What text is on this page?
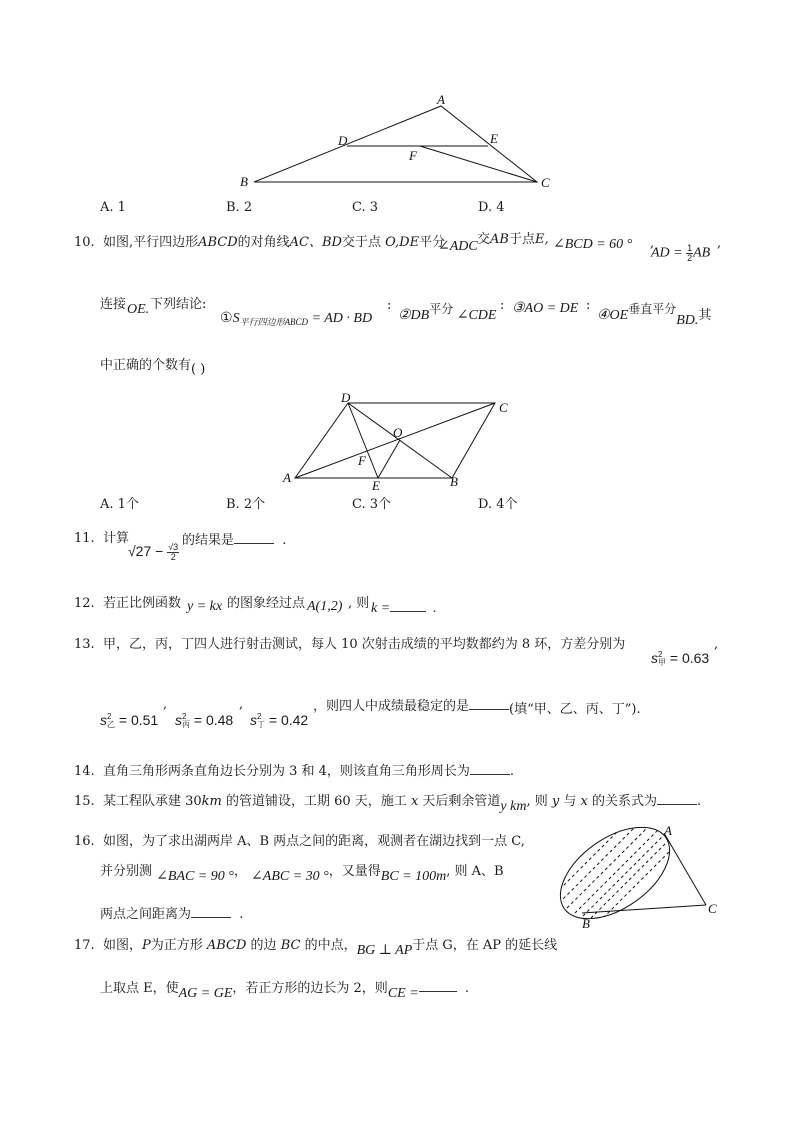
A
B	C
D	E
F
A. 1	B. 2	C. 3	D. 4
10. 如图,平行四边形ABCD的对角线AC、BD交于点 O,DE平分
∠ADC 交AB于点E, ∠BCD = 60 ° ,
AD = $\frac{1}{2}$ AB
,
连接 OE. 下列结论:
$①S_{平行四边形ABCD}$ = AD · BD
:
②DB平分 ∠CDE
: ③AO = DE :
④OE垂直平分BD.其
中正确的个数有( )
D
C
O
F
A
E	B
A. 1个	B. 2个	C. 3个	D. 4个
11. 计算
$√27 - \frac{√3}{2}$
的结果是	.
12. 若正比例函数 y = kx 的图象经过点 A(1,2) , 则 k =	.
13. 甲，乙，丙，丁四人进行射击测试，每人 10 次射击成绩的平均数都约为 8 环，方差分别为	,
s 2
甲 = 0.63
s 2
乙 = 0.51
,
s 2
丙 = 0.48
,
s 2
丁 = 0.42
，则四人中成绩最稳定的是	(填“甲、乙、丙、丁”).
14. 直角三角形两条直角边长分别为 3 和 4，则该直角三角形周长为	.
15. 某工程队承建 30km 的管道铺设，工期 60 天，施工 x 天后剩余管道y km, 则 y 与 x 的关系式为	.
16. 如图，为了求出湖两岸 A、B 两点之间的距离，观测者在湖边找到一点 C,
并分别测 ∠BAC = 90 °， ∠ABC = 30 °，又量得BC = 100m, 则 A、B
两点之间距离为	.
A
B
C
17. 如图，P为正方形 ABCD 的边 BC 的中点，BG ⊥ AP于点 G，在 AP 的延长线
上取点 E，使AG = GE，若正方形的边长为 2，则CE =	.
